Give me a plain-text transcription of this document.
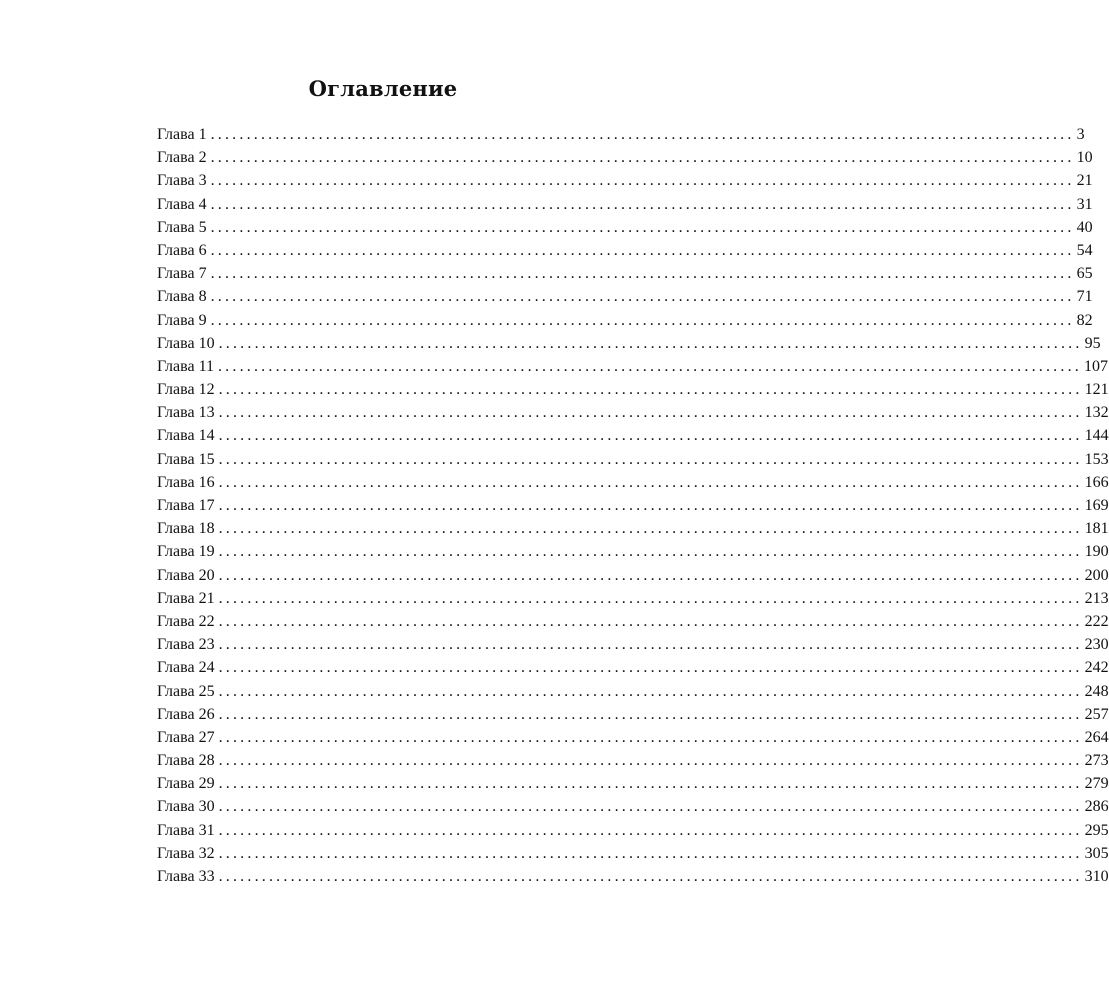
Оглавление
Глава 1 ........................................................................................................................ 3
Глава 2 ........................................................................................................................ 10
Глава 3 ........................................................................................................................ 21
Глава 4 ........................................................................................................................ 31
Глава 5 ........................................................................................................................ 40
Глава 6 ........................................................................................................................ 54
Глава 7 ........................................................................................................................ 65
Глава 8 ........................................................................................................................ 71
Глава 9 ........................................................................................................................ 82
Глава 10 ........................................................................................................................ 95
Глава 11 ........................................................................................................................ 107
Глава 12 ........................................................................................................................ 121
Глава 13 ........................................................................................................................ 132
Глава 14 ........................................................................................................................ 144
Глава 15 ........................................................................................................................ 153
Глава 16 ........................................................................................................................ 166
Глава 17 ........................................................................................................................ 169
Глава 18 ........................................................................................................................ 181
Глава 19 ........................................................................................................................ 190
Глава 20 ........................................................................................................................ 200
Глава 21 ........................................................................................................................ 213
Глава 22 ........................................................................................................................ 222
Глава 23 ........................................................................................................................ 230
Глава 24 ........................................................................................................................ 242
Глава 25 ........................................................................................................................ 248
Глава 26 ........................................................................................................................ 257
Глава 27 ........................................................................................................................ 264
Глава 28 ........................................................................................................................ 273
Глава 29 ........................................................................................................................ 279
Глава 30 ........................................................................................................................ 286
Глава 31 ........................................................................................................................ 295
Глава 32 ........................................................................................................................ 305
Глава 33 ........................................................................................................................ 310
